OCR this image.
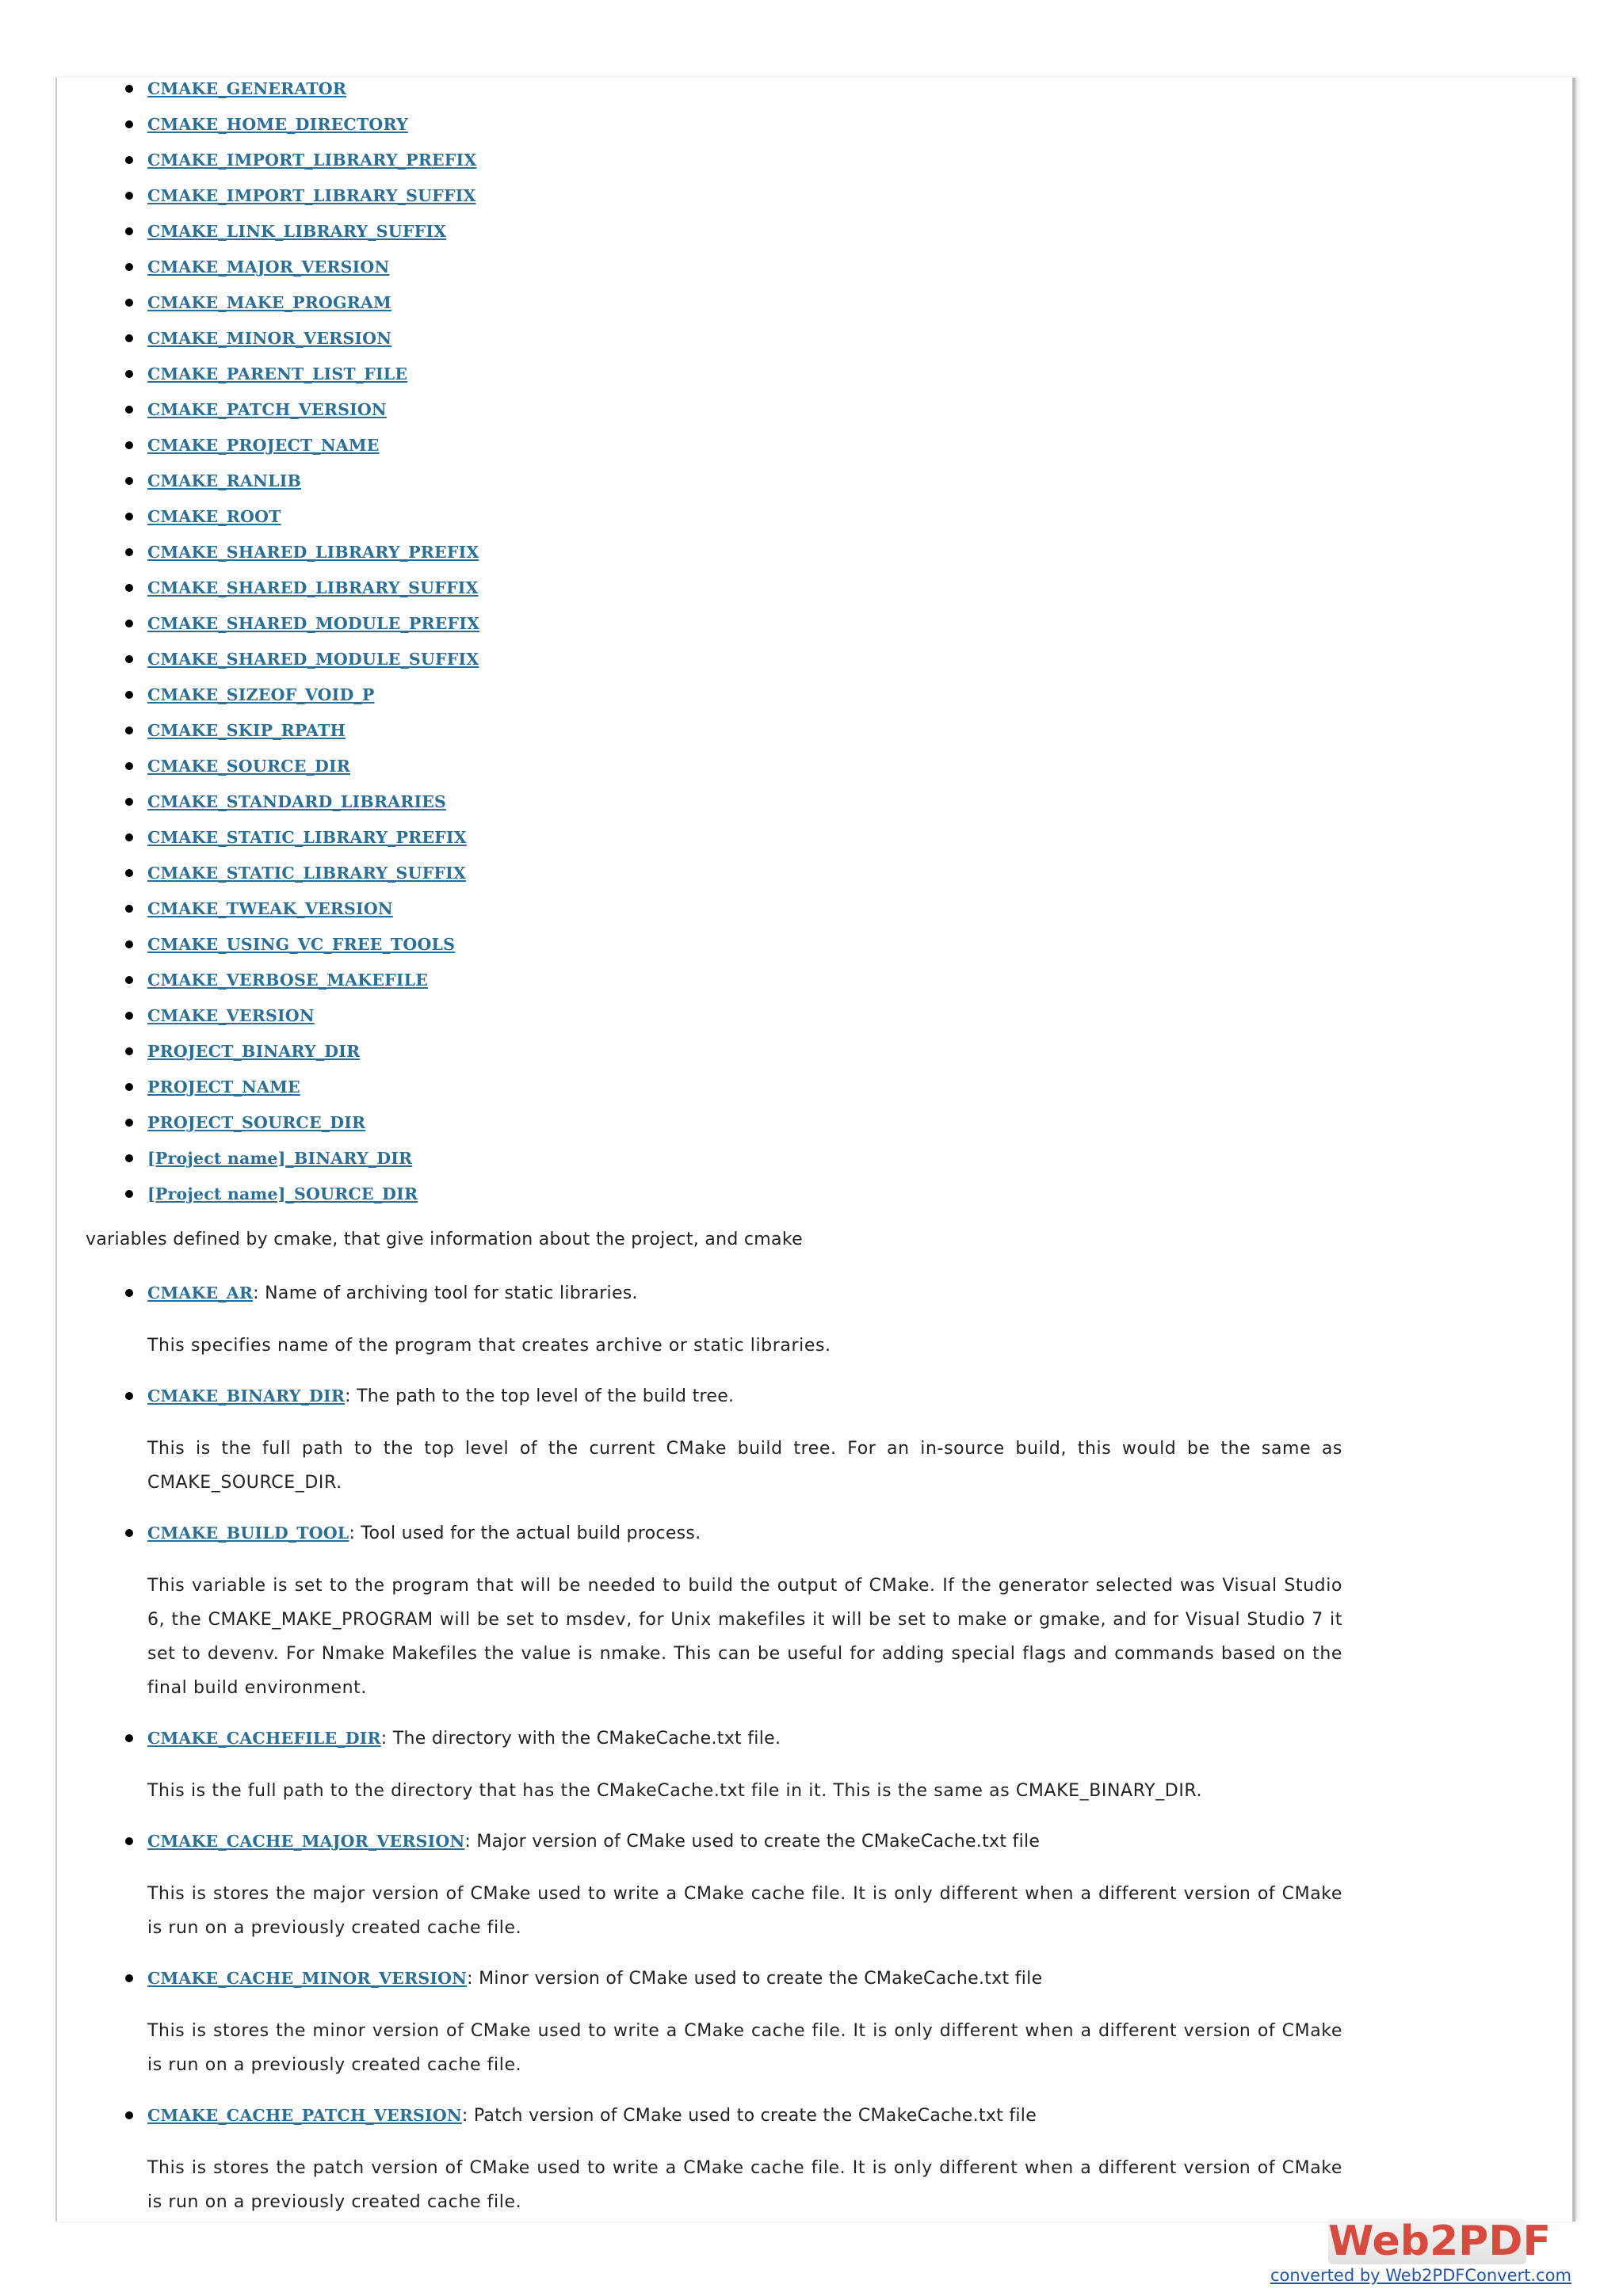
CMAKE_GENERATOR
CMAKE_HOME_DIRECTORY
CMAKE_IMPORT_LIBRARY_PREFIX
CMAKE_IMPORT_LIBRARY_SUFFIX
CMAKE_LINK_LIBRARY_SUFFIX
CMAKE_MAJOR_VERSION
CMAKE_MAKE_PROGRAM
CMAKE_MINOR_VERSION
CMAKE_PARENT_LIST_FILE
CMAKE_PATCH_VERSION
CMAKE_PROJECT_NAME
CMAKE_RANLIB
CMAKE_ROOT
CMAKE_SHARED_LIBRARY_PREFIX
CMAKE_SHARED_LIBRARY_SUFFIX
CMAKE_SHARED_MODULE_PREFIX
CMAKE_SHARED_MODULE_SUFFIX
CMAKE_SIZEOF_VOID_P
CMAKE_SKIP_RPATH
CMAKE_SOURCE_DIR
CMAKE_STANDARD_LIBRARIES
CMAKE_STATIC_LIBRARY_PREFIX
CMAKE_STATIC_LIBRARY_SUFFIX
CMAKE_TWEAK_VERSION
CMAKE_USING_VC_FREE_TOOLS
CMAKE_VERBOSE_MAKEFILE
CMAKE_VERSION
PROJECT_BINARY_DIR
PROJECT_NAME
PROJECT_SOURCE_DIR
[Project name]_BINARY_DIR
[Project name]_SOURCE_DIR
variables defined by cmake, that give information about the project, and cmake
CMAKE_AR: Name of archiving tool for static libraries.
This specifies name of the program that creates archive or static libraries.
CMAKE_BINARY_DIR: The path to the top level of the build tree.
This is the full path to the top level of the current CMake build tree. For an in-source build, this would be the same as CMAKE_SOURCE_DIR.
CMAKE_BUILD_TOOL: Tool used for the actual build process.
This variable is set to the program that will be needed to build the output of CMake. If the generator selected was Visual Studio 6, the CMAKE_MAKE_PROGRAM will be set to msdev, for Unix makefiles it will be set to make or gmake, and for Visual Studio 7 it set to devenv. For Nmake Makefiles the value is nmake. This can be useful for adding special flags and commands based on the final build environment.
CMAKE_CACHEFILE_DIR: The directory with the CMakeCache.txt file.
This is the full path to the directory that has the CMakeCache.txt file in it. This is the same as CMAKE_BINARY_DIR.
CMAKE_CACHE_MAJOR_VERSION: Major version of CMake used to create the CMakeCache.txt file
This is stores the major version of CMake used to write a CMake cache file. It is only different when a different version of CMake is run on a previously created cache file.
CMAKE_CACHE_MINOR_VERSION: Minor version of CMake used to create the CMakeCache.txt file
This is stores the minor version of CMake used to write a CMake cache file. It is only different when a different version of CMake is run on a previously created cache file.
CMAKE_CACHE_PATCH_VERSION: Patch version of CMake used to create the CMakeCache.txt file
This is stores the patch version of CMake used to write a CMake cache file. It is only different when a different version of CMake is run on a previously created cache file.
Web2PDF
converted by Web2PDFConvert.com
